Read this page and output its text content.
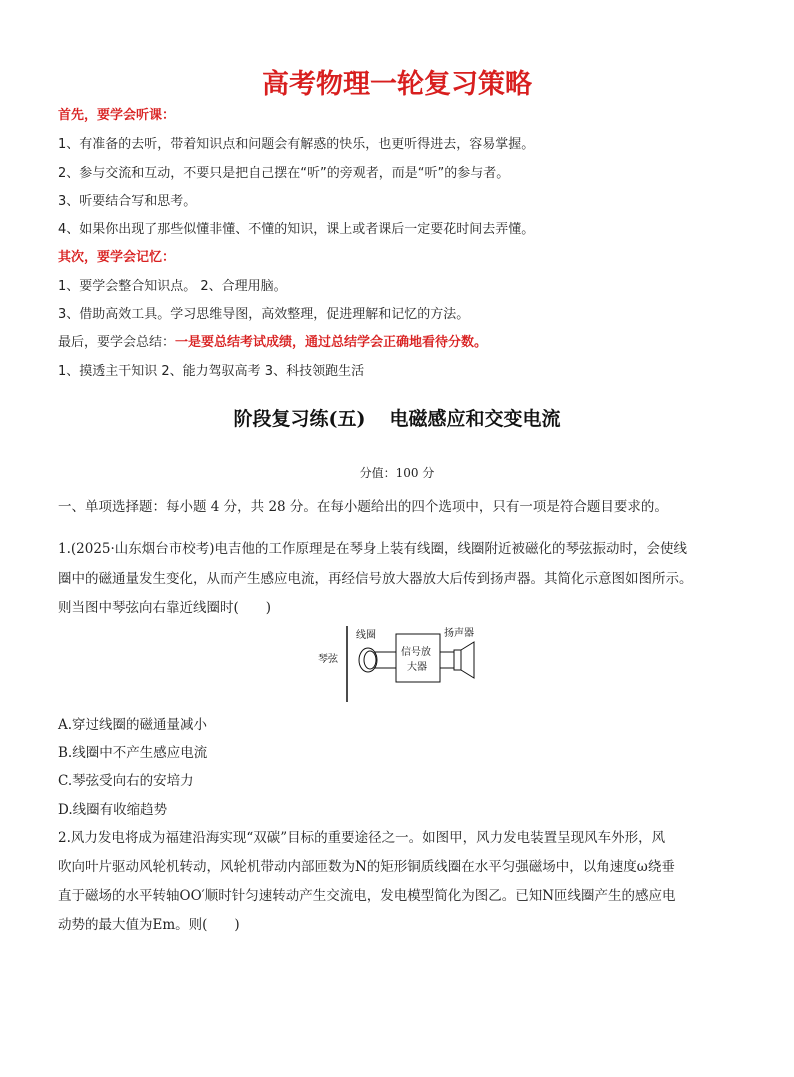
高考物理一轮复习策略
首先，要学会听课：
1、有准备的去听，带着知识点和问题会有解惑的快乐，也更听得进去，容易掌握。
2、参与交流和互动，不要只是把自己摆在“听”的旁观者，而是“听”的参与者。
3、听要结合写和思考。
4、如果你出现了那些似懂非懂、不懂的知识，课上或者课后一定要花时间去弄懂。
其次，要学会记忆：
1、要学会整合知识点。 2、合理用脑。
3、借助高效工具。学习思维导图，高效整理，促进理解和记忆的方法。
最后，要学会总结：一是要总结考试成绩，通过总结学会正确地看待分数。
1、摸透主干知识 2、能力驾驭高考 3、科技领跑生活
阶段复习练(五) 电磁感应和交变电流
分值：100 分
一、单项选择题：每小题 4 分，共 28 分。在每小题给出的四个选项中，只有一项是符合题目要求的。
1.(2025·山东烟台市校考)电吉他的工作原理是在琴身上装有线圈，线圈附近被磁化的琴弦振动时，会使线
圈中的磁通量发生变化，从而产生感应电流，再经信号放大器放大后传到扬声器。其简化示意图如图所示。
则当图中琴弦向右靠近线圈时(　　)
琴弦
线圈
信号放
大器
扬声器
A.穿过线圈的磁通量减小
B.线圈中不产生感应电流
C.琴弦受向右的安培力
D.线圈有收缩趋势
2.风力发电将成为福建沿海实现“双碳”目标的重要途径之一。如图甲，风力发电装置呈现风车外形，风
吹向叶片驱动风轮机转动，风轮机带动内部匝数为N的矩形铜质线圈在水平匀强磁场中，以角速度ω绕垂
直于磁场的水平转轴OO′顺时针匀速转动产生交流电，发电模型简化为图乙。已知N匝线圈产生的感应电
动势的最大值为Em。则(　　)
